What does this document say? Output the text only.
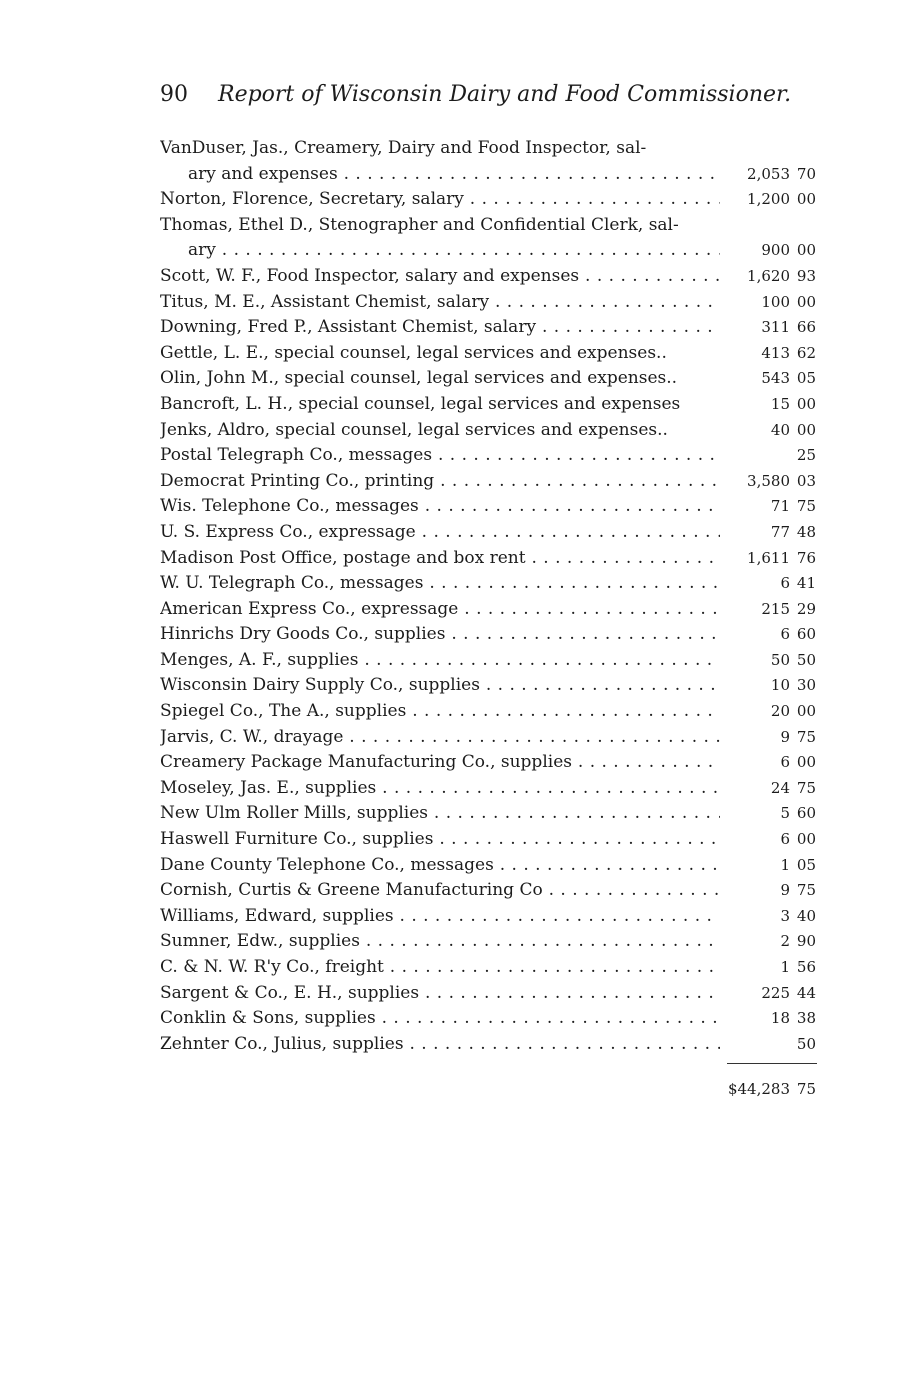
90 Report of Wisconsin Dairy and Food Commissioner.
VanDuser, Jas., Creamery, Dairy and Food Inspector, sal-
ary and expenses . . .	2,053 70
Norton, Florence, Secretary, salary . . .	1,200 00
Thomas, Ethel D., Stenographer and Confidential Clerk, sal-
ary . . .	900 00
Scott, W. F., Food Inspector, salary and expenses . . .	1,620 93
Titus, M. E., Assistant Chemist, salary . . .	100 00
Downing, Fred P., Assistant Chemist, salary . . .	311 66
Gettle, L. E., special counsel, legal services and expenses..	413 62
Olin, John M., special counsel, legal services and expenses..	543 05
Bancroft, L. H., special counsel, legal services and expenses	15 00
Jenks, Aldro, special counsel, legal services and expenses..	40 00
Postal Telegraph Co., messages . . .	25
Democrat Printing Co., printing . . .	3,580 03
Wis. Telephone Co., messages . . .	71 75
U. S. Express Co., expressage . . .	77 48
Madison Post Office, postage and box rent . . .	1,611 76
W. U. Telegraph Co., messages . . .	6 41
American Express Co., expressage . . .	215 29
Hinrichs Dry Goods Co., supplies . . .	6 60
Menges, A. F., supplies . . .	50 50
Wisconsin Dairy Supply Co., supplies . . .	10 30
Spiegel Co., The A., supplies . . .	20 00
Jarvis, C. W., drayage . . .	9 75
Creamery Package Manufacturing Co., supplies . . .	6 00
Moseley, Jas. E., supplies . . .	24 75
New Ulm Roller Mills, supplies . . .	5 60
Haswell Furniture Co., supplies . . .	6 00
Dane County Telephone Co., messages . . .	1 05
Cornish, Curtis & Greene Manufacturing Co . . .	9 75
Williams, Edward, supplies . . .	3 40
Sumner, Edw., supplies . . .	2 90
C. & N. W. R'y Co., freight . . .	1 56
Sargent & Co., E. H., supplies . . .	225 44
Conklin & Sons, supplies . . .	18 38
Zehnter Co., Julius, supplies . . .	50
$44,283 75
